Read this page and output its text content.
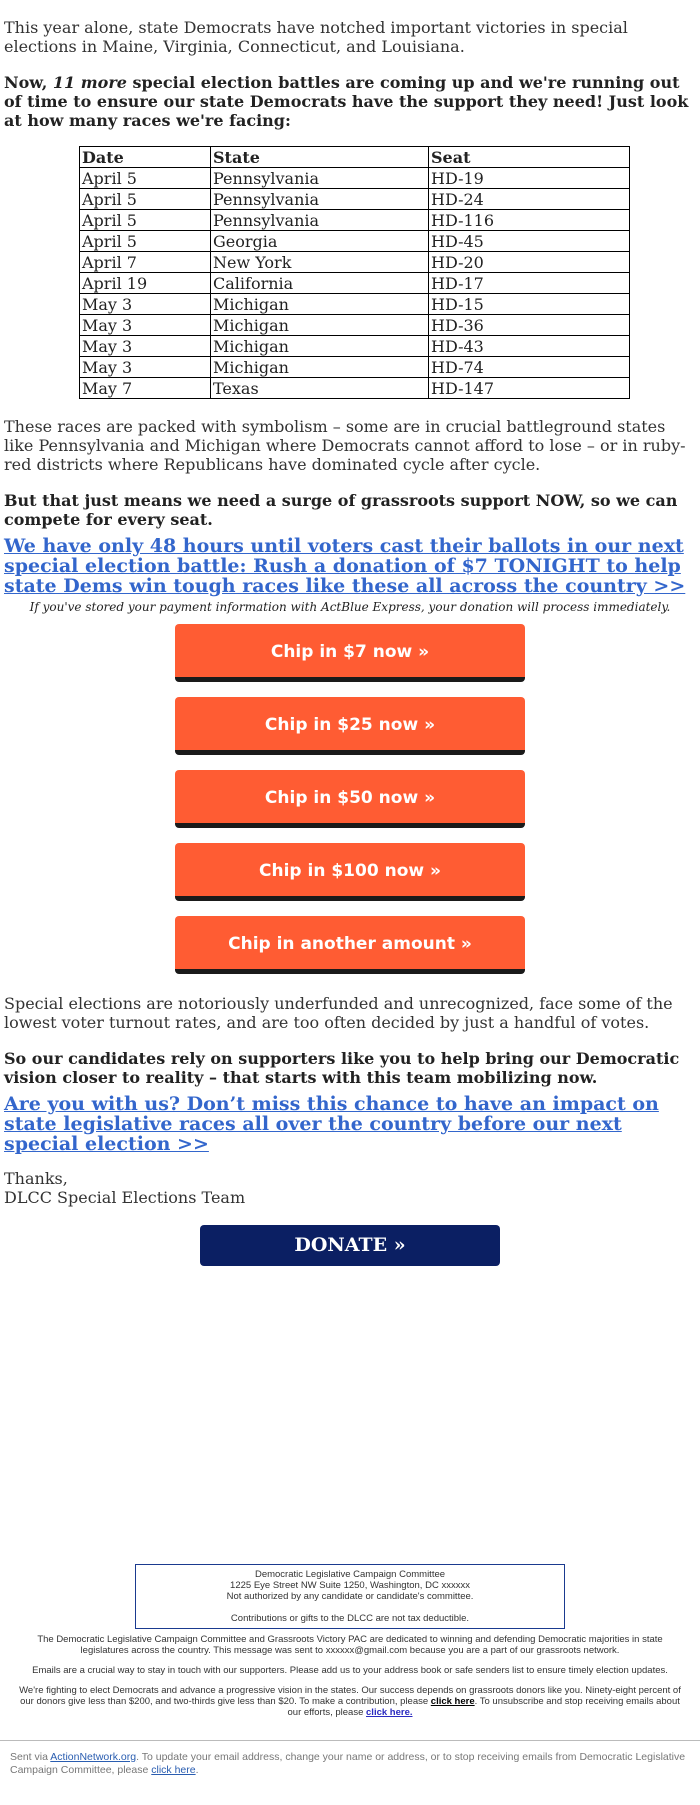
This year alone, state Democrats have notched important victories in special elections in Maine, Virginia, Connecticut, and Louisiana.

Now, 11 more special election battles are coming up and we're running out of time to ensure our state Democrats have the support they need! Just look at how many races we're facing:

Date	State	Seat
April 5	Pennsylvania	HD-19
April 5	Pennsylvania	HD-24
April 5	Pennsylvania	HD-116
April 5	Georgia	HD-45
April 7	New York	HD-20
April 19	California	HD-17
May 3	Michigan	HD-15
May 3	Michigan	HD-36
May 3	Michigan	HD-43
May 3	Michigan	HD-74
May 7	Texas	HD-147

These races are packed with symbolism – some are in crucial battleground states like Pennsylvania and Michigan where Democrats cannot afford to lose – or in ruby-red districts where Republicans have dominated cycle after cycle.

But that just means we need a surge of grassroots support NOW, so we can compete for every seat.

We have only 48 hours until voters cast their ballots in our next special election battle: Rush a donation of $7 TONIGHT to help state Dems win tough races like these all across the country >>

If you've stored your payment information with ActBlue Express, your donation will process immediately.

Chip in $7 now »
Chip in $25 now »
Chip in $50 now »
Chip in $100 now »
Chip in another amount »

Special elections are notoriously underfunded and unrecognized, face some of the lowest voter turnout rates, and are too often decided by just a handful of votes.

So our candidates rely on supporters like you to help bring our Democratic vision closer to reality – that starts with this team mobilizing now.

Are you with us? Don’t miss this chance to have an impact on state legislative races all over the country before our next special election >>

Thanks,

DLCC Special Elections Team

DONATE »
Democratic Legislative Campaign Committee
1225 Eye Street NW Suite 1250, Washington, DC xxxxxx
Not authorized by any candidate or candidate's committee.
Contributions or gifts to the DLCC are not tax deductible.

The Democratic Legislative Campaign Committee and Grassroots Victory PAC are dedicated to winning and defending Democratic majorities in state legislatures across the country. This message was sent to xxxxxx@gmail.com because you are a part of our grassroots network.

Emails are a crucial way to stay in touch with our supporters. Please add us to your address book or safe senders list to ensure timely election updates.

We're fighting to elect Democrats and advance a progressive vision in the states. Our success depends on grassroots donors like you. Ninety-eight percent of our donors give less than $200, and two-thirds give less than $20. To make a contribution, please click here. To unsubscribe and stop receiving emails about our efforts, please click here.

Sent via ActionNetwork.org. To update your email address, change your name or address, or to stop receiving emails from Democratic Legislative Campaign Committee, please click here.
